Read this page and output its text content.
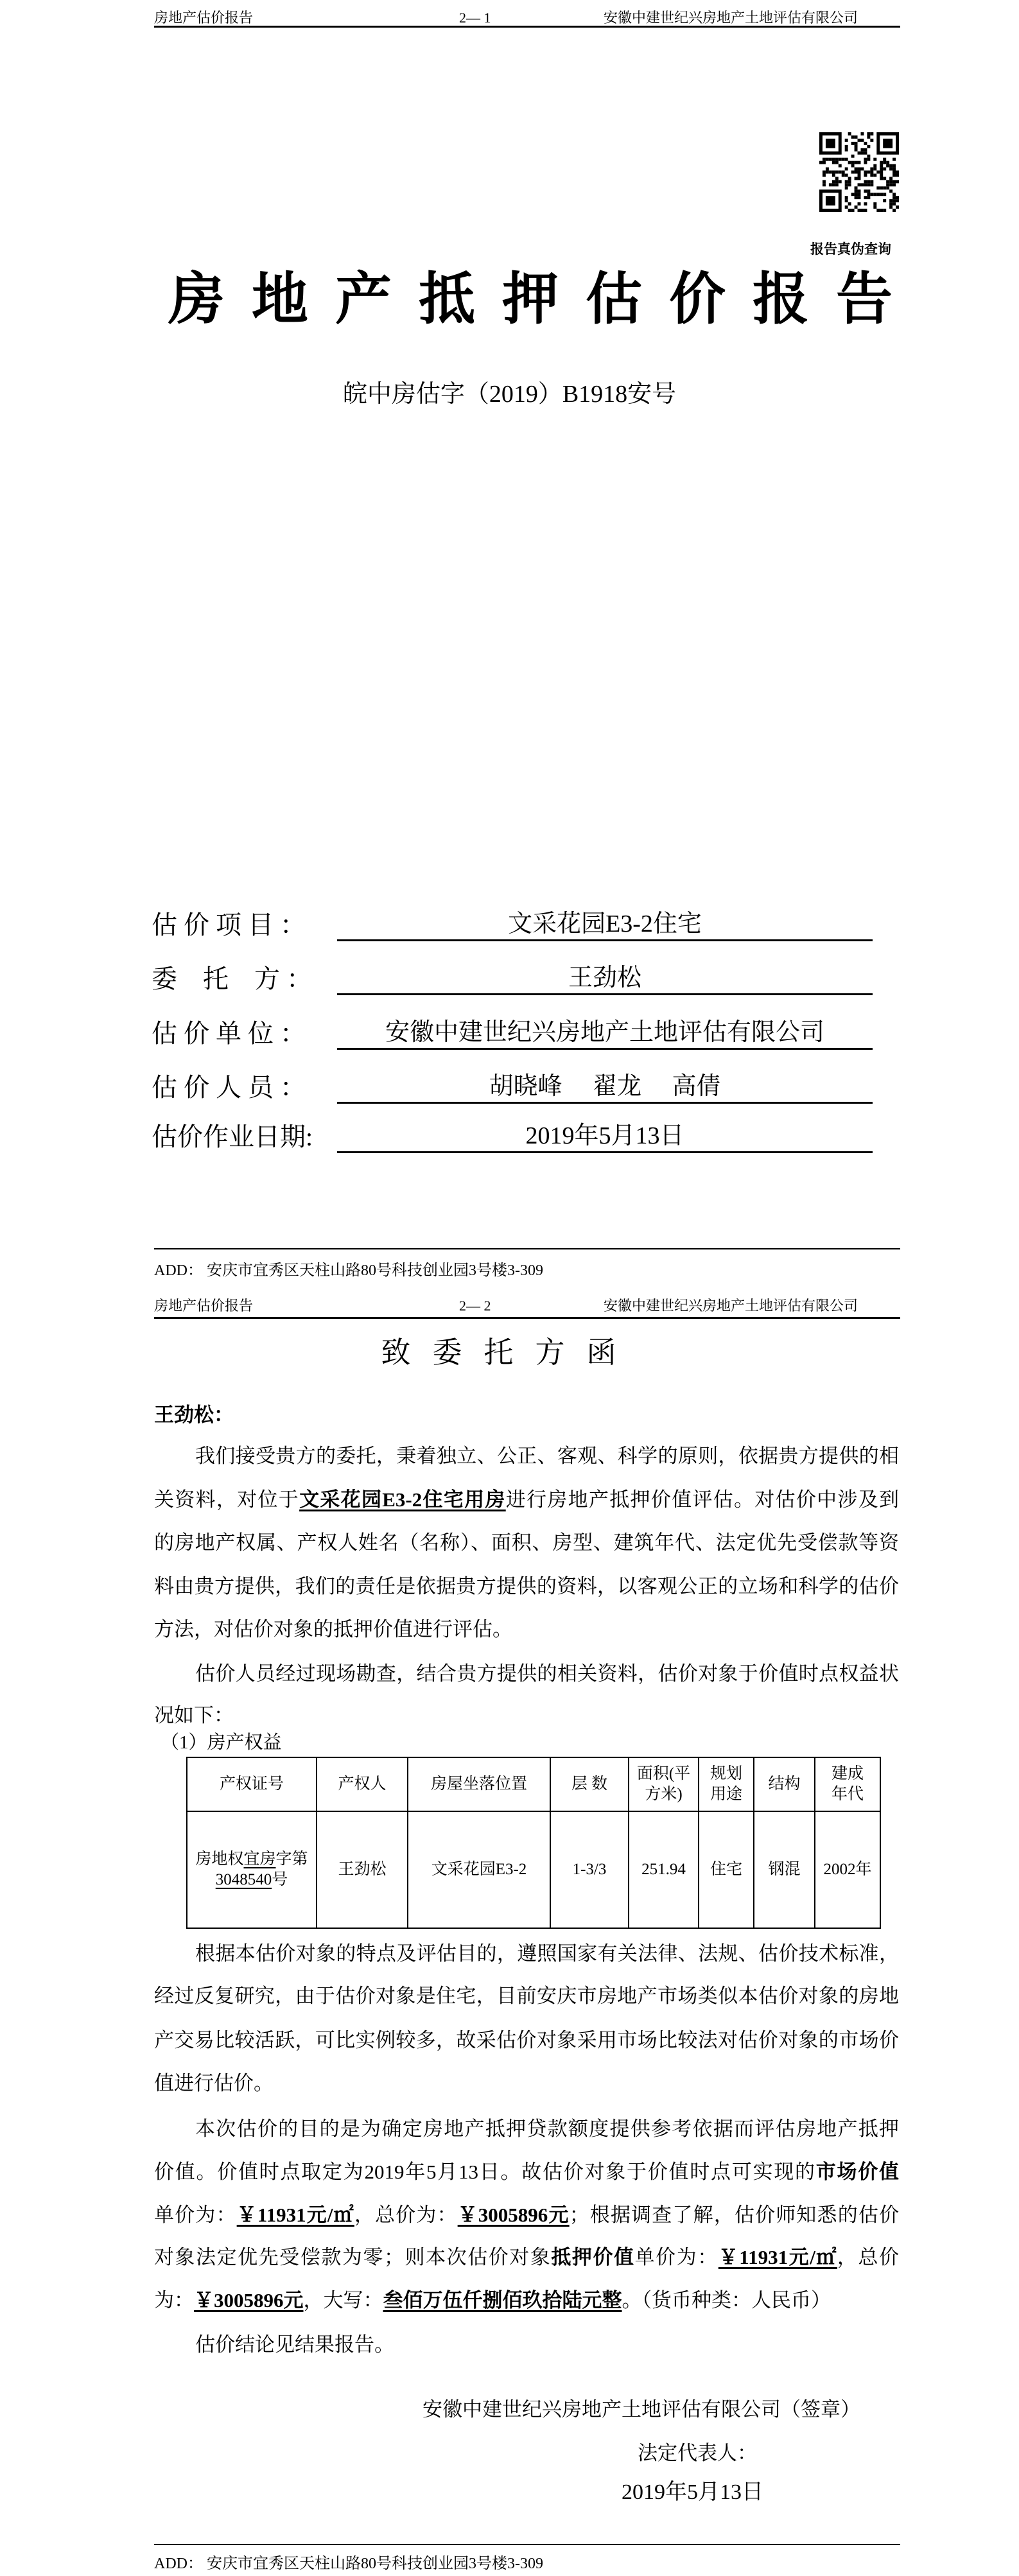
房地产估价报告	2— 1	安徽中建世纪兴房地产土地评估有限公司
报告真伪查询
房地产抵押估价报告
皖中房估字（2019）B1918安号
估 价 项 目 ：	文采花园E3-2住宅
委    托    方 ：	王劲松
估 价 单 位 ：	安徽中建世纪兴房地产土地评估有限公司
估 价 人 员 ：	胡晓峰     翟龙     高倩
估价作业日期:	2019年5月13日
ADD： 安庆市宜秀区天柱山路80号科技创业园3号楼3-309
房地产估价报告	2— 2	安徽中建世纪兴房地产土地评估有限公司
致委托方函
王劲松：
我们接受贵方的委托，秉着独立、公正、客观、科学的原则，依据贵方提供的相
关资料，对位于文采花园E3-2住宅用房进行房地产抵押价值评估。对估价中涉及到
的房地产权属、产权人姓名（名称）、面积、房型、建筑年代、法定优先受偿款等资
料由贵方提供，我们的责任是依据贵方提供的资料，以客观公正的立场和科学的估价
方法，对估价对象的抵押价值进行评估。
估价人员经过现场勘查，结合贵方提供的相关资料，估价对象于价值时点权益状
况如下：
（1）房产权益
产权证号	产权人	房屋坐落位置	层 数	面积(平方米)	规划用途	结构	建成年代
房地权宜房字第
3048540号	王劲松	文采花园E3-2	1-3/3	251.94	住宅	钢混	2002年
根据本估价对象的特点及评估目的，遵照国家有关法律、法规、估价技术标准，
经过反复研究，由于估价对象是住宅，目前安庆市房地产市场类似本估价对象的房地
产交易比较活跃，可比实例较多，故采估价对象采用市场比较法对估价对象的市场价
值进行估价。
本次估价的目的是为确定房地产抵押贷款额度提供参考依据而评估房地产抵押
价值。价值时点取定为2019年5月13日。故估价对象于价值时点可实现的市场价值
单价为：￥11931元/㎡，总价为：￥3005896元；根据调查了解，估价师知悉的估价
对象法定优先受偿款为零；则本次估价对象抵押价值单价为：￥11931元/㎡，总价
为：￥3005896元，大写：叁佰万伍仟捌佰玖拾陆元整。（货币种类：人民币）
估价结论见结果报告。
安徽中建世纪兴房地产土地评估有限公司（签章）
法定代表人：
2019年5月13日
ADD： 安庆市宜秀区天柱山路80号科技创业园3号楼3-309
